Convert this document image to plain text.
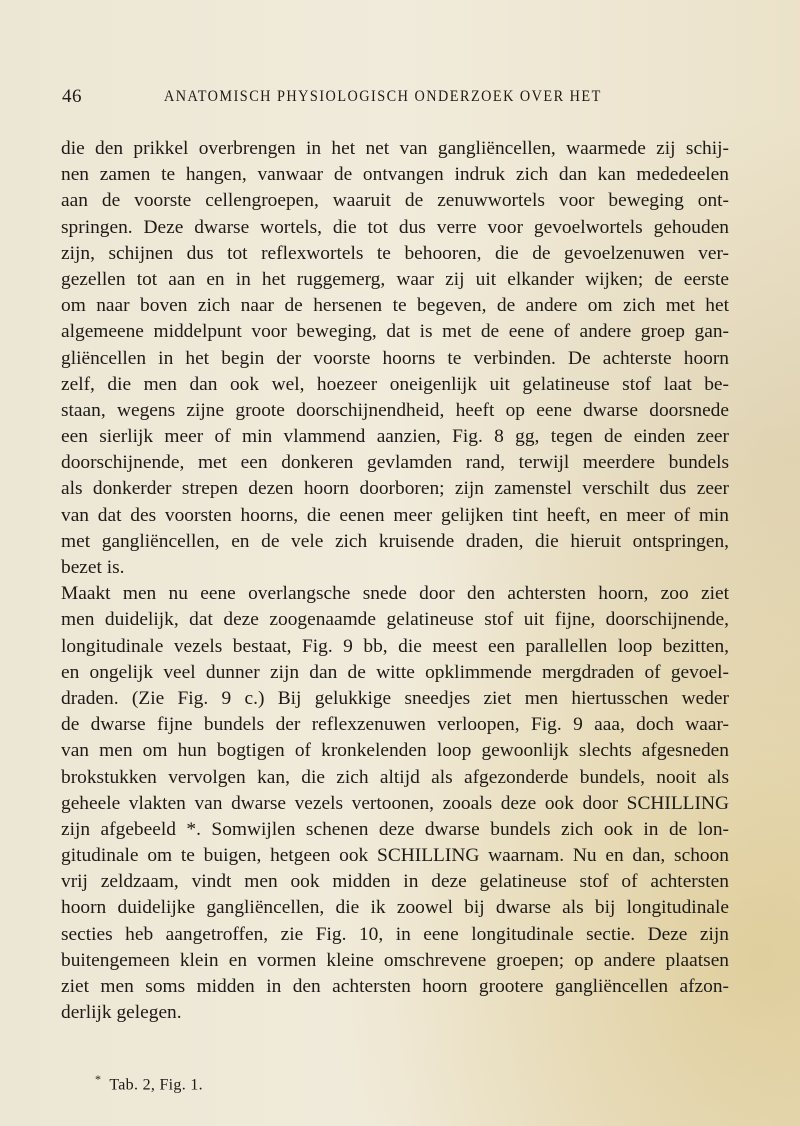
46	ANATOMISCH PHYSIOLOGISCH ONDERZOEK OVER HET
die den prikkel overbrengen in het net van gangliëncellen, waarmede zij schij-
nen zamen te hangen, vanwaar de ontvangen indruk zich dan kan mededeelen
aan de voorste cellengroepen, waaruit de zenuwwortels voor beweging ont-
springen. Deze dwarse wortels, die tot dus verre voor gevoelwortels gehouden
zijn, schijnen dus tot reflexwortels te behooren, die de gevoelzenuwen ver-
gezellen tot aan en in het ruggemerg, waar zij uit elkander wijken; de eerste
om naar boven zich naar de hersenen te begeven, de andere om zich met het
algemeene middelpunt voor beweging, dat is met de eene of andere groep gan-
gliëncellen in het begin der voorste hoorns te verbinden. De achterste hoorn
zelf, die men dan ook wel, hoezeer oneigenlijk uit gelatineuse stof laat be-
staan, wegens zijne groote doorschijnendheid, heeft op eene dwarse doorsnede
een sierlijk meer of min vlammend aanzien, Fig. 8 gg, tegen de einden zeer
doorschijnende, met een donkeren gevlamden rand, terwijl meerdere bundels
als donkerder strepen dezen hoorn doorboren; zijn zamenstel verschilt dus zeer
van dat des voorsten hoorns, die eenen meer gelijken tint heeft, en meer of min
met gangliëncellen, en de vele zich kruisende draden, die hieruit ontspringen,
bezet is.
Maakt men nu eene overlangsche snede door den achtersten hoorn, zoo ziet
men duidelijk, dat deze zoogenaamde gelatineuse stof uit fijne, doorschijnende,
longitudinale vezels bestaat, Fig. 9 bb, die meest een parallellen loop bezitten,
en ongelijk veel dunner zijn dan de witte opklimmende mergdraden of gevoel-
draden. (Zie Fig. 9 c.) Bij gelukkige sneedjes ziet men hiertusschen weder
de dwarse fijne bundels der reflexzenuwen verloopen, Fig. 9 aaa, doch waar-
van men om hun bogtigen of kronkelenden loop gewoonlijk slechts afgesneden
brokstukken vervolgen kan, die zich altijd als afgezonderde bundels, nooit als
geheele vlakten van dwarse vezels vertoonen, zooals deze ook door SCHILLING
zijn afgebeeld *. Somwijlen schenen deze dwarse bundels zich ook in de lon-
gitudinale om te buigen, hetgeen ook SCHILLING waarnam. Nu en dan, schoon
vrij zeldzaam, vindt men ook midden in deze gelatineuse stof of achtersten
hoorn duidelijke gangliëncellen, die ik zoowel bij dwarse als bij longitudinale
secties heb aangetroffen, zie Fig. 10, in eene longitudinale sectie. Deze zijn
buitengemeen klein en vormen kleine omschrevene groepen; op andere plaatsen
ziet men soms midden in den achtersten hoorn grootere gangliëncellen afzon-
derlijk gelegen.
* Tab. 2, Fig. 1.
